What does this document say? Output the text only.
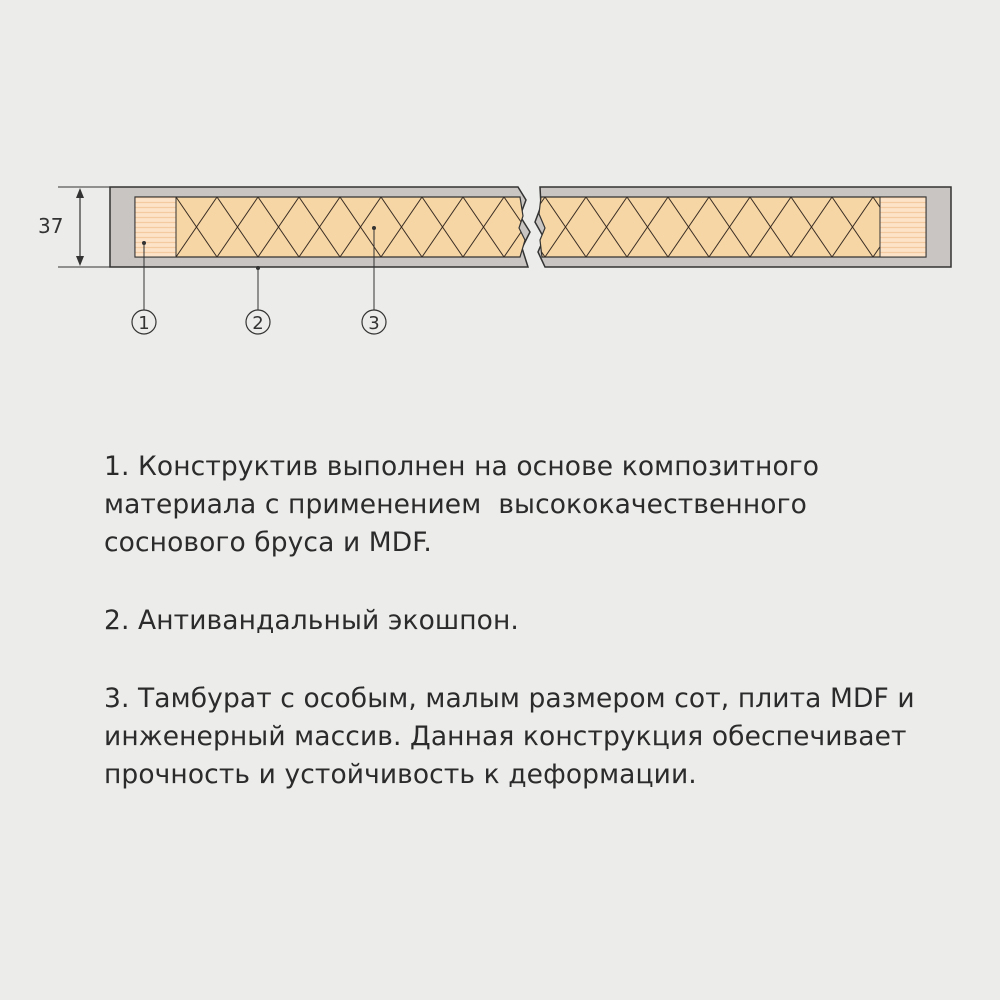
37
1	2	3

1. Конструктив выполнен на основе композитного материала с применением  высококачественного соснового бруса и MDF.

2. Антивандальный экошпон.

3. Тамбурат с особым, малым размером сот, плита MDF и инженерный массив. Данная конструкция обеспечивает прочность и устойчивость к деформации.
